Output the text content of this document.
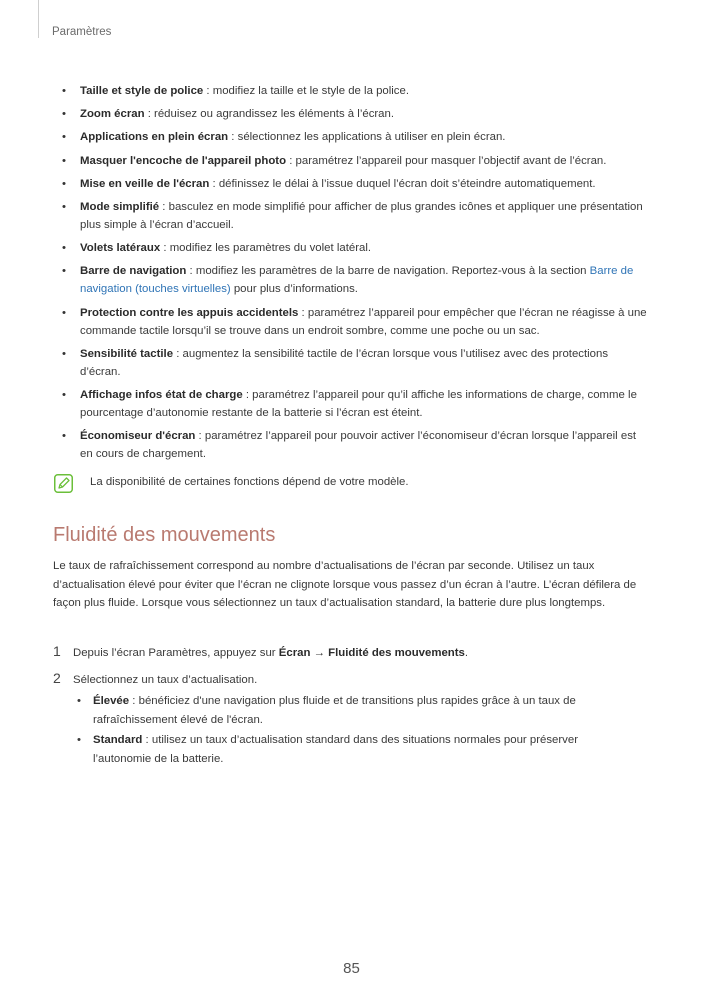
Paramètres
• Taille et style de police : modifiez la taille et le style de la police.
• Zoom écran : réduisez ou agrandissez les éléments à l’écran.
• Applications en plein écran : sélectionnez les applications à utiliser en plein écran.
• Masquer l'encoche de l'appareil photo : paramétrez l’appareil pour masquer l’objectif avant de l’écran.
• Mise en veille de l'écran : définissez le délai à l’issue duquel l’écran doit s’éteindre automatiquement.
• Mode simplifié : basculez en mode simplifié pour afficher de plus grandes icônes et appliquer une présentation plus simple à l’écran d’accueil.
• Volets latéraux : modifiez les paramètres du volet latéral.
• Barre de navigation : modifiez les paramètres de la barre de navigation. Reportez-vous à la section Barre de navigation (touches virtuelles) pour plus d’informations.
• Protection contre les appuis accidentels : paramétrez l’appareil pour empêcher que l’écran ne réagisse à une commande tactile lorsqu’il se trouve dans un endroit sombre, comme une poche ou un sac.
• Sensibilité tactile : augmentez la sensibilité tactile de l’écran lorsque vous l’utilisez avec des protections d’écran.
• Affichage infos état de charge : paramétrez l’appareil pour qu’il affiche les informations de charge, comme le pourcentage d’autonomie restante de la batterie si l’écran est éteint.
• Économiseur d'écran : paramétrez l’appareil pour pouvoir activer l’économiseur d’écran lorsque l’appareil est en cours de chargement.
La disponibilité de certaines fonctions dépend de votre modèle.
Fluidité des mouvements

Le taux de rafraîchissement correspond au nombre d’actualisations de l’écran par seconde. Utilisez un taux d’actualisation élevé pour éviter que l’écran ne clignote lorsque vous passez d’un écran à l’autre. L’écran défilera de façon plus fluide. Lorsque vous sélectionnez un taux d’actualisation standard, la batterie dure plus longtemps.

1 Depuis l’écran Paramètres, appuyez sur Écran → Fluidité des mouvements.
2 Sélectionnez un taux d’actualisation.
• Élevée : bénéficiez d'une navigation plus fluide et de transitions plus rapides grâce à un taux de rafraîchissement élevé de l'écran.
• Standard : utilisez un taux d’actualisation standard dans des situations normales pour préserver l’autonomie de la batterie.
85
